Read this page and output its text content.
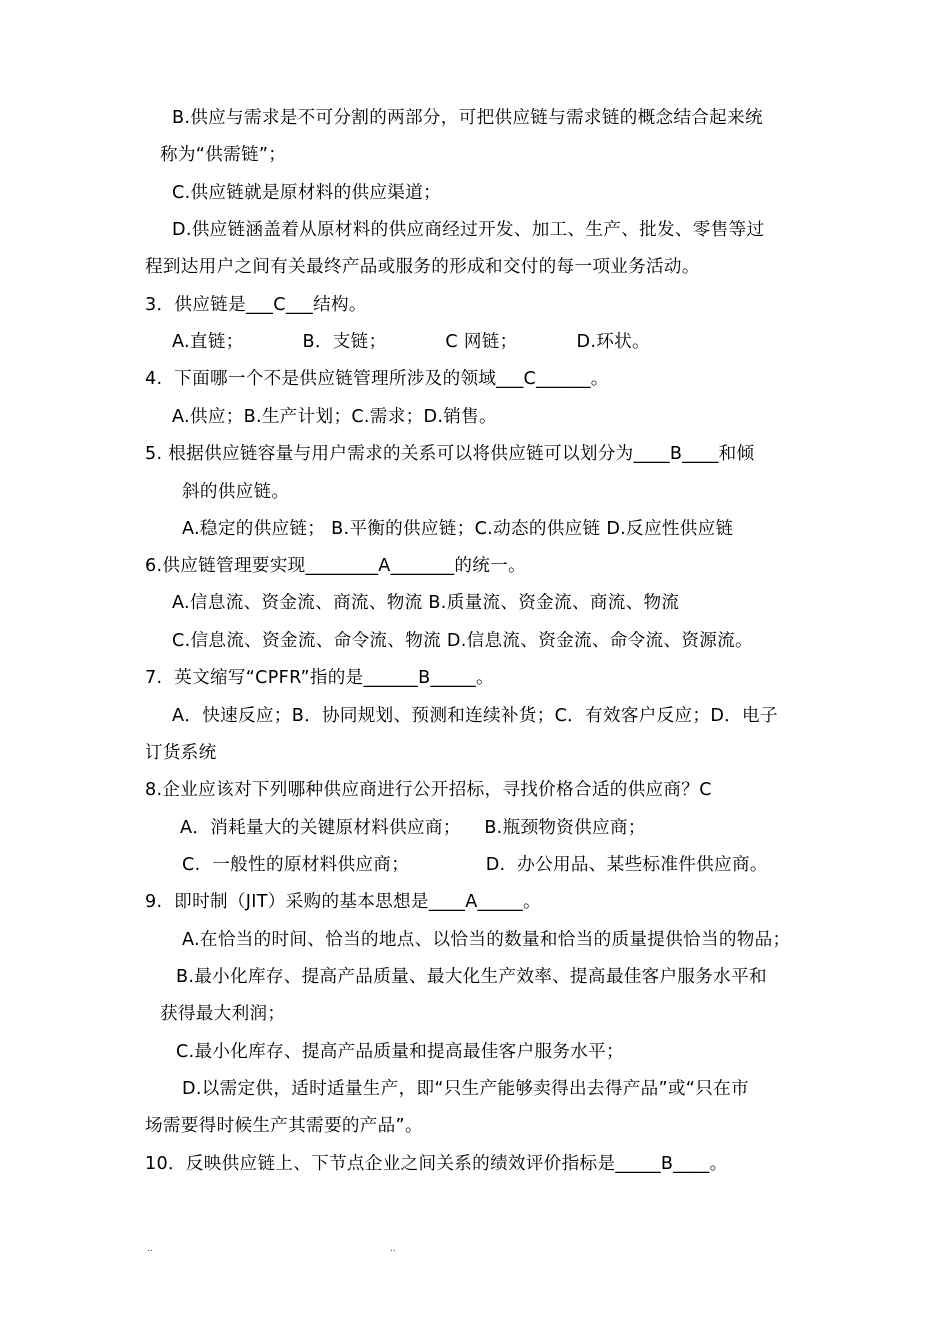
B.供应与需求是不可分割的两部分，可把供应链与需求链的概念结合起来统
称为“供需链”；
C.供应链就是原材料的供应渠道；
D.供应链涵盖着从原材料的供应商经过开发、加工、生产、批发、零售等过
程到达用户之间有关最终产品或服务的形成和交付的每一项业务活动。
3．供应链是___C___结构。
A.直链；          B．支链；          C 网链；          D.环状。
4.  下面哪一个不是供应链管理所涉及的领域___C______。
A.供应；B.生产计划；C.需求；D.销售。
5. 根据供应链容量与用户需求的关系可以将供应链可以划分为____B____和倾
斜的供应链。
A.稳定的供应链； B.平衡的供应链；C.动态的供应链 D.反应性供应链
6.供应链管理要实现________A_______的统一。
A.信息流、资金流、商流、物流 B.质量流、资金流、商流、物流
C.信息流、资金流、命令流、物流 D.信息流、资金流、命令流、资源流。
7.  英文缩写“CPFR”指的是______B_____。
A．快速反应；B．协同规划、预测和连续补货；C．有效客户反应；D．电子
订货系统
8.企业应该对下列哪种供应商进行公开招标，寻找价格合适的供应商？C
A．消耗量大的关键原材料供应商；    B.瓶颈物资供应商；
C.  一般性的原材料供应商；             D.  办公用品、某些标准件供应商。
9.  即时制（JIT）采购的基本思想是____A_____。
A.在恰当的时间、恰当的地点、以恰当的数量和恰当的质量提供恰当的物品；
B.最小化库存、提高产品质量、最大化生产效率、提高最佳客户服务水平和
获得最大利润；
C.最小化库存、提高产品质量和提高最佳客户服务水平；
D.以需定供，适时适量生产，即“只生产能够卖得出去得产品”或“只在市
场需要得时候生产其需要的产品”。
10．反映供应链上、下节点企业之间关系的绩效评价指标是_____B____。
..	..
